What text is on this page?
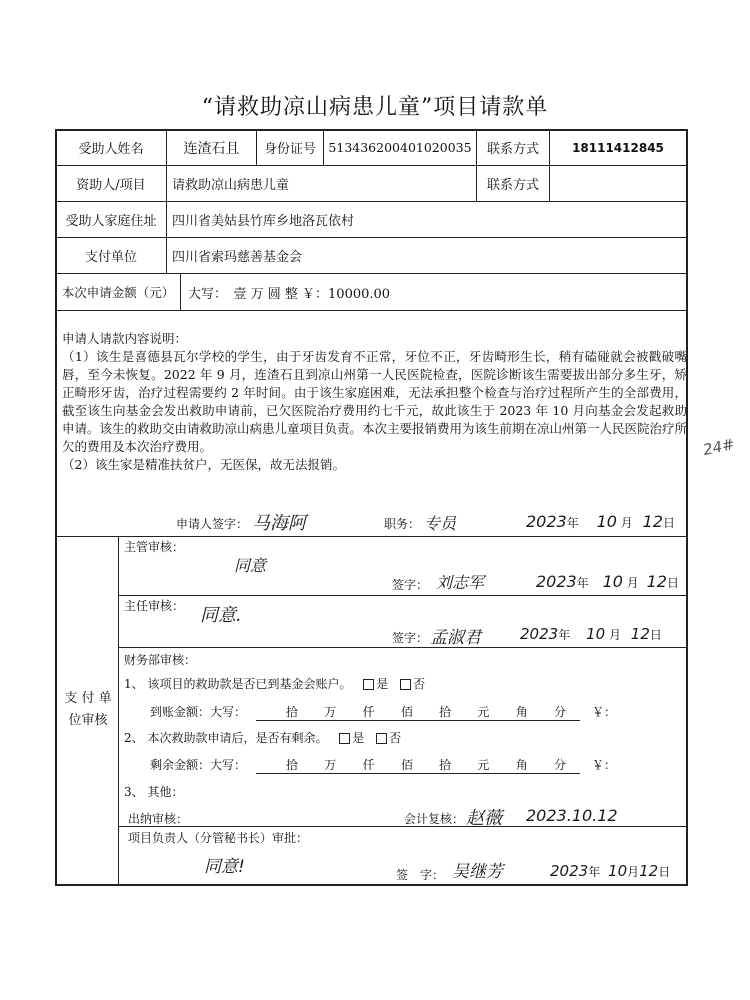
“请救助凉山病患儿童”项目请款单
受助人姓名	连渣石且	身份证号 513436200401020035	联系方式	18111412845
资助人/项目	请救助凉山病患儿童	联系方式
受助人家庭住址	四川省美姑县竹库乡地洛瓦依村
支付单位	四川省索玛慈善基金会
本次申请金额（元）	大写：　壹 万 圆 整 ￥：10000.00

申请人请款内容说明：

（1）该生是喜德县瓦尔学校的学生，由于牙齿发育不正常，牙位不正，牙齿畸形生长，稍有磕碰就会被戳破嘴唇，至今未恢复。2022 年 9 月，连渣石且到凉山州第一人民医院检查，医院诊断该生需要拔出部分多生牙，矫正畸形牙齿，治疗过程需要约 2 年时间。由于该生家庭困难，无法承担整个检查与治疗过程所产生的全部费用，截至该生向基金会发出救助申请前，已欠医院治疗费用约七千元，故此该生于 2023 年 10 月向基金会发起救助申请。该生的救助交由请救助凉山病患儿童项目负责。本次主要报销费用为该生前期在凉山州第一人民医院治疗所欠的费用及本次治疗费用。

（2）该生家是精准扶贫户，无医保，故无法报销。

24#
申请人签字： 马海阿	职务： 专员	2023年 10 月 12日
支 付 单
位审核
主管审核：
同意
签字： 刘志军	2023年 10 月 12日
主任审核： 同意.
签字： 孟淑君	2023年 10 月 12日
财务部审核：
1、 该项目的救助款是否已到基金会账户。 是 否
到账金额：大写：	拾 万 仟 佰 拾 元 角 分 ￥：
2、 本次救助款申请后，是否有剩余。 是 否
剩余金额：大写：	拾 万 仟 佰 拾 元 角 分 ￥：
3、 其他：
出纳审核：	会计复核： 赵薇 2023.10.12
项目负责人（分管秘书长）审批：
同意!	签　字： 吴继芳	2023年 10月12日
